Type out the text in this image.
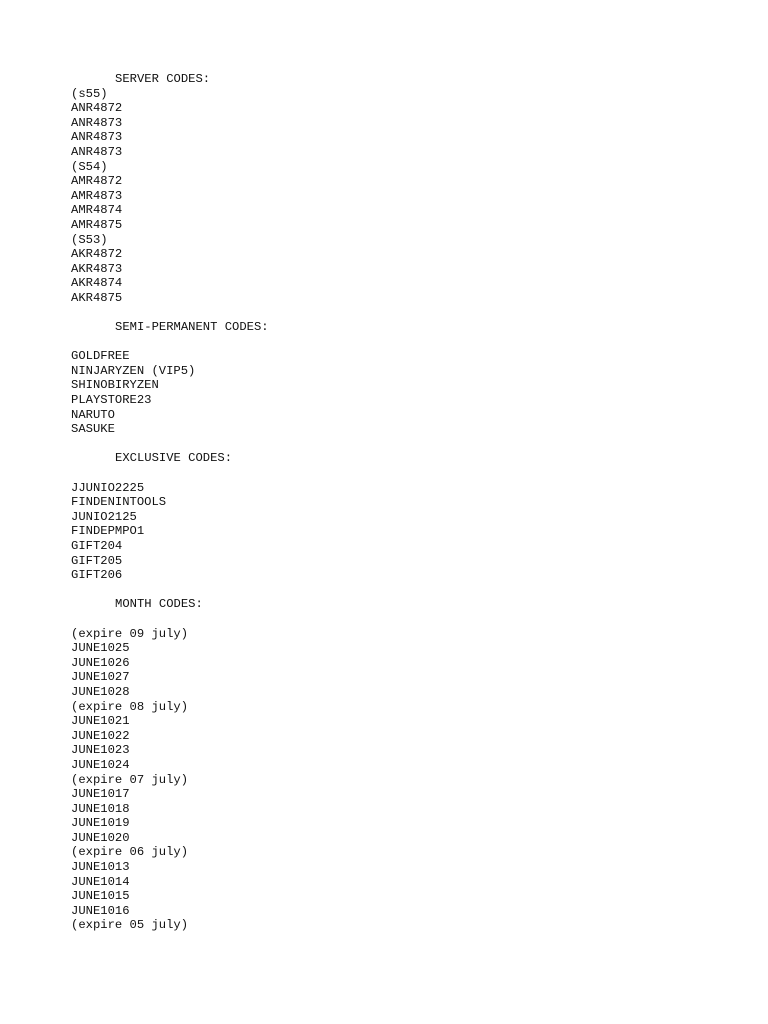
SERVER CODES:
(s55)
ANR4872
ANR4873
ANR4873
ANR4873
(S54)
AMR4872
AMR4873
AMR4874
AMR4875
(S53)
AKR4872
AKR4873
AKR4874
AKR4875
SEMI-PERMANENT CODES:
GOLDFREE
NINJARYZEN (VIP5)
SHINOBIRYZEN
PLAYSTORE23
NARUTO
SASUKE
EXCLUSIVE CODES:
JJUNIO2225
FINDENINTOOLS
JUNIO2125
FINDEPMPO1
GIFT204
GIFT205
GIFT206
MONTH CODES:
(expire 09 july)
JUNE1025
JUNE1026
JUNE1027
JUNE1028
(expire 08 july)
JUNE1021
JUNE1022
JUNE1023
JUNE1024
(expire 07 july)
JUNE1017
JUNE1018
JUNE1019
JUNE1020
(expire 06 july)
JUNE1013
JUNE1014
JUNE1015
JUNE1016
(expire 05 july)
